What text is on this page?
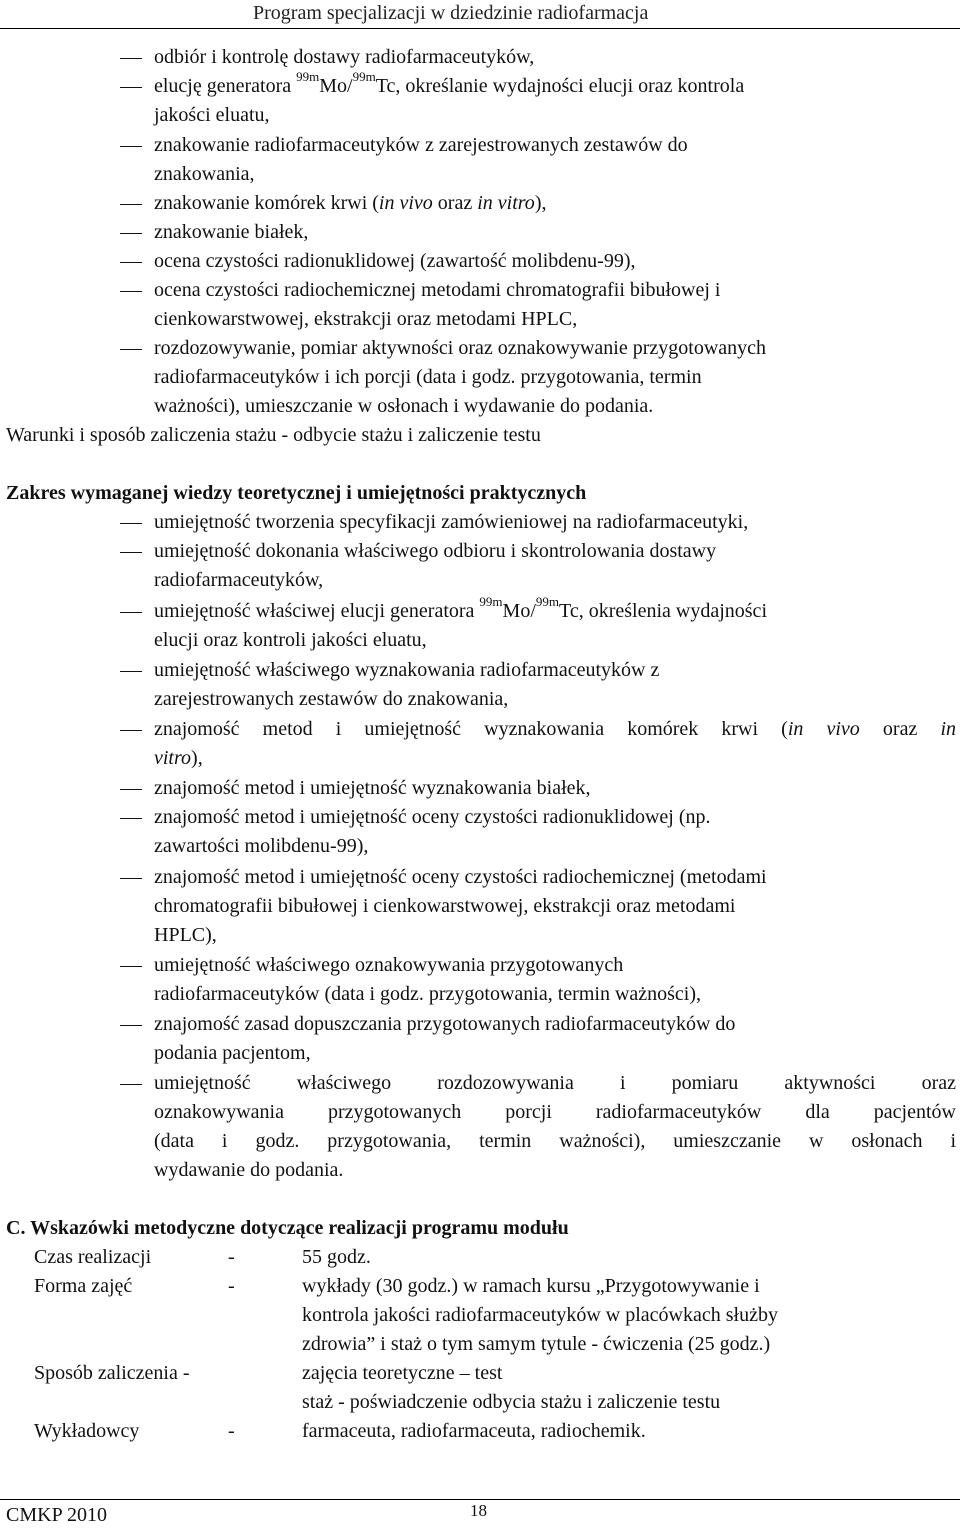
Program specjalizacji w dziedzinie radiofarmacja
odbiór i kontrolę dostawy radiofarmaceutyków,
elucję generatora $^{99m}$Mo/$^{99m}$Tc, określanie wydajności elucji oraz kontrola
jakości eluatu,
znakowanie radiofarmaceutyków z zarejestrowanych zestawów do
znakowania,
znakowanie komórek krwi (in vivo oraz in vitro),
znakowanie białek,
ocena czystości radionuklidowej (zawartość molibdenu-99),
ocena czystości radiochemicznej metodami chromatografii bibułowej i
cienkowarstwowej, ekstrakcji oraz metodami HPLC,
rozdozowywanie, pomiar aktywności oraz oznakowywanie przygotowanych
radiofarmaceutyków i ich porcji (data i godz. przygotowania, termin
ważności), umieszczanie w osłonach i wydawanie do podania.
Warunki i sposób zaliczenia stażu - odbycie stażu i zaliczenie testu
Zakres wymaganej wiedzy teoretycznej i umiejętności praktycznych
umiejętność tworzenia specyfikacji zamówieniowej na radiofarmaceutyki,
umiejętność dokonania właściwego odbioru i skontrolowania dostawy
radiofarmaceutyków,
umiejętność właściwej elucji generatora $^{99m}$Mo/$^{99m}$Tc, określenia wydajności
elucji oraz kontroli jakości eluatu,
umiejętność właściwego wyznakowania radiofarmaceutyków z
zarejestrowanych zestawów do znakowania,
znajomość metod i umiejętność wyznakowania komórek krwi (in vivo oraz in
vitro),
znajomość metod i umiejętność wyznakowania białek,
znajomość metod i umiejętność oceny czystości radionuklidowej (np.
zawartości molibdenu-99),
znajomość metod i umiejętność oceny czystości radiochemicznej (metodami
chromatografii bibułowej i cienkowarstwowej, ekstrakcji oraz metodami
HPLC),
umiejętność właściwego oznakowywania przygotowanych
radiofarmaceutyków (data i godz. przygotowania, termin ważności),
znajomość zasad dopuszczania przygotowanych radiofarmaceutyków do
podania pacjentom,
umiejętność właściwego rozdozowywania i pomiaru aktywności oraz
oznakowywania przygotowanych porcji radiofarmaceutyków dla pacjentów
(data i godz. przygotowania, termin ważności), umieszczanie w osłonach i
wydawanie do podania.
C. Wskazówki metodyczne dotyczące realizacji programu modułu
Czas realizacji	-	55 godz.
Forma zajęć	-	wykłady (30 godz.) w ramach kursu „Przygotowywanie i
kontrola jakości radiofarmaceutyków w placówkach służby
zdrowia” i staż o tym samym tytule - ćwiczenia (25 godz.)
Sposób zaliczenia -	zajęcia teoretyczne – test
staż - poświadczenie odbycia stażu i zaliczenie testu
Wykładowcy	-	farmaceuta, radiofarmaceuta, radiochemik.
CMKP 2010	18
